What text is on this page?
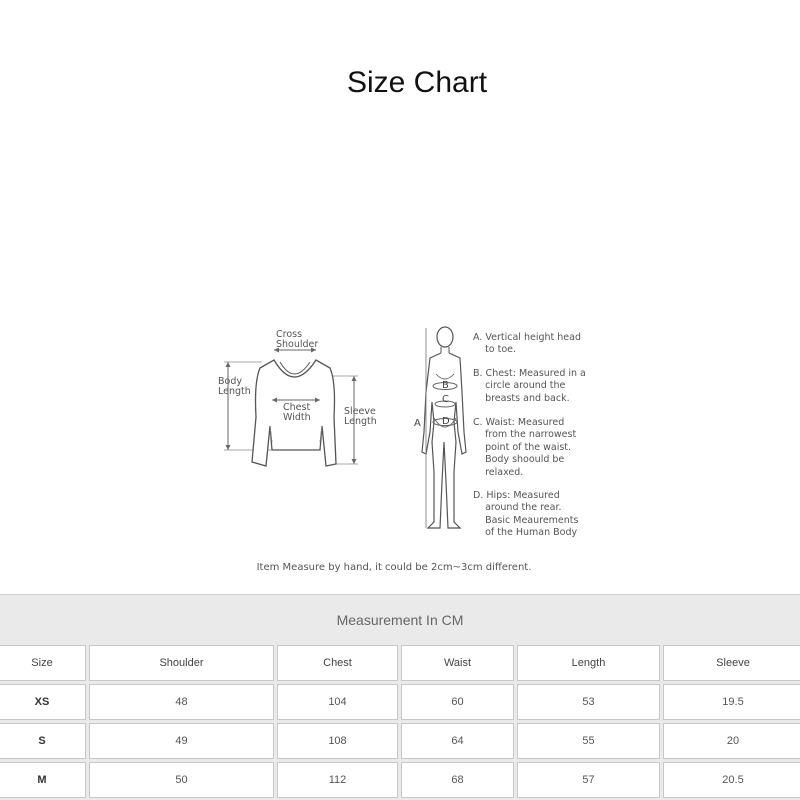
Size Chart
Cross
Shoulder
Body
Length
Sleeve
Length
Chest
Width
B
C
D
A
A. Vertical height head
to toe.
B. Chest: Measured in a
circle around the
breasts and back.
C. Waist: Measured
from the narrowest
point of the waist.
Body shoould be
relaxed.
D. Hips: Measured
around the rear.
Basic Meaurements
of the Human Body
Item Measure by hand, it could be 2cm~3cm different.
Measurement In CM
Size	Shoulder	Chest	Waist	Length	Sleeve
XS	48	104	60	53	19.5
S	49	108	64	55	20
M	50	112	68	57	20.5
